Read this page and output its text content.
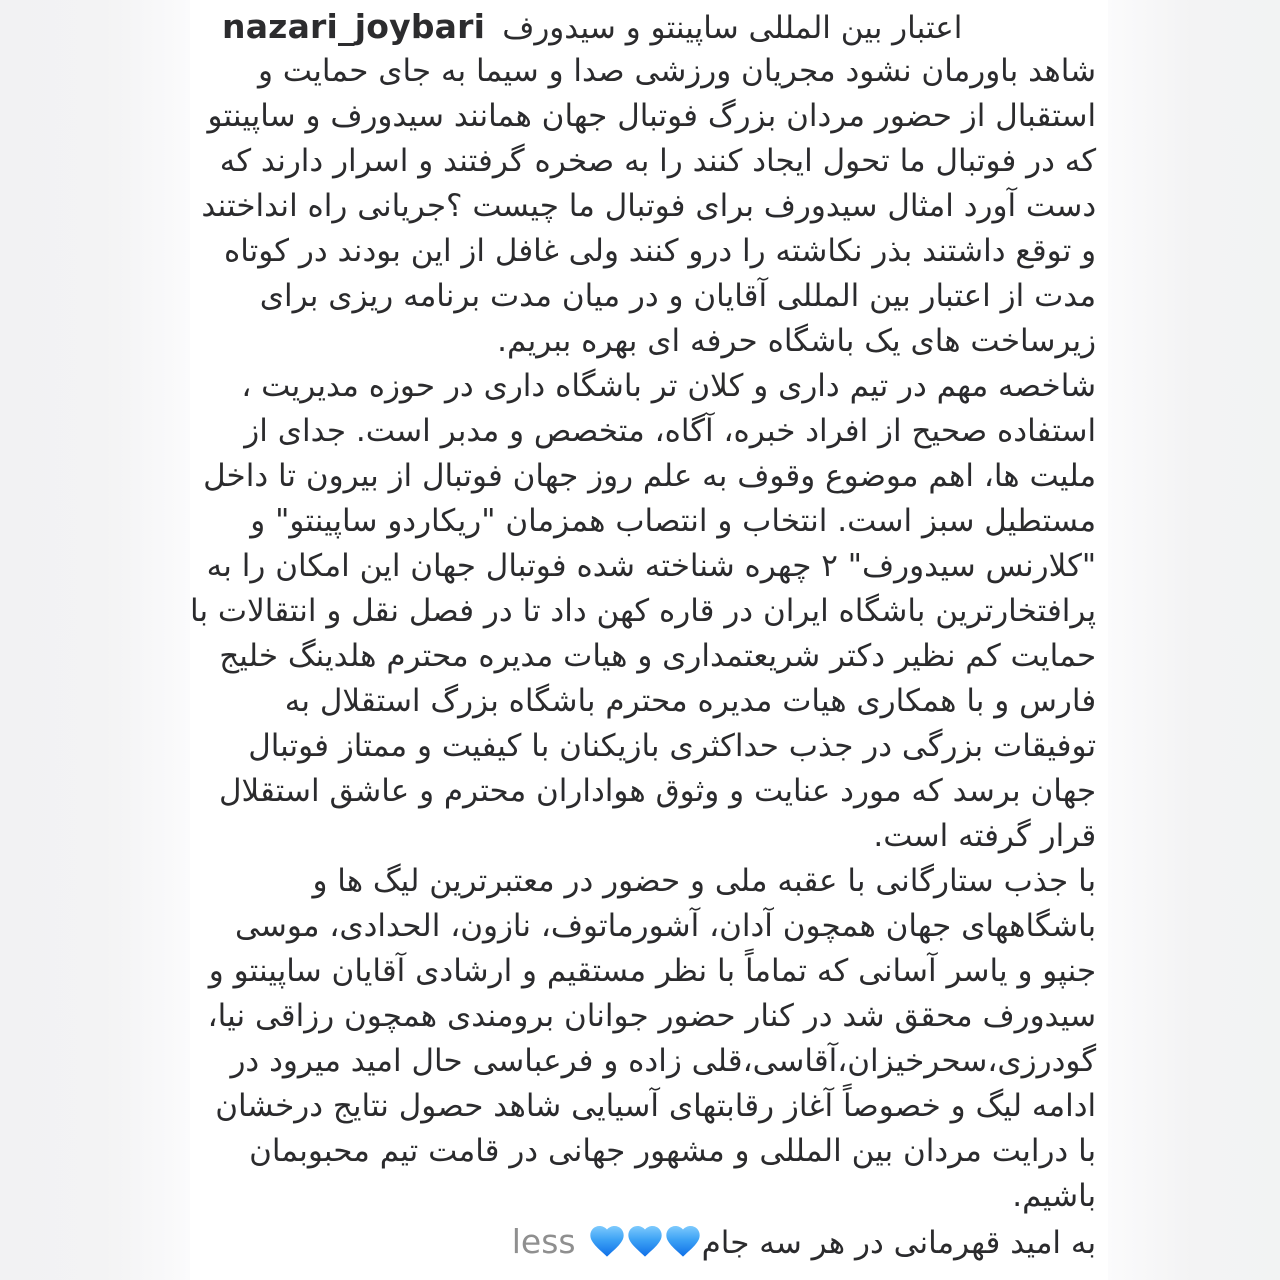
nazari_joybari اعتبار بین المللی ساپینتو و سیدورف
شاهد باورمان نشود مجریان ورزشی صدا و سیما به جای حمایت و
استقبال از حضور مردان بزرگ فوتبال جهان همانند سیدورف و ساپینتو
که در فوتبال ما تحول ایجاد کنند را به صخره گرفتند و اسرار دارند که
دست آورد امثال سیدورف برای فوتبال ما چیست ؟جریانی راه انداختند
و توقع داشتند بذر نکاشته را درو کنند ولی غافل از این بودند در کوتاه
مدت از اعتبار بین المللی آقایان و در میان مدت برنامه ریزی برای
زیرساخت های یک باشگاه حرفه ای بهره ببریم.
شاخصه مهم در تیم داری و کلان تر باشگاه داری در حوزه مدیریت ،
استفاده صحیح از افراد خبره، آگاه، متخصص و مدبر است. جدای از
ملیت ها، اهم موضوع وقوف به علم روز جهان فوتبال از بیرون تا داخل
مستطیل سبز است. انتخاب و انتصاب همزمان "ریکاردو ساپینتو" و
"کلارنس سیدورف" ۲ چهره شناخته شده فوتبال جهان این امکان را به
پرافتخارترین باشگاه ایران در قاره کهن داد تا در فصل نقل و انتقالات با
حمایت کم نظیر دکتر شریعتمداری و هیات مدیره محترم هلدینگ خلیج
فارس و با همکاری هیات مدیره محترم باشگاه بزرگ استقلال به
توفیقات بزرگی در جذب حداکثری بازیکنان با کیفیت و ممتاز فوتبال
جهان برسد که مورد عنایت و وثوق هواداران محترم و عاشق استقلال
قرار گرفته است.
با جذب ستارگانی با عقبه ملی و حضور در معتبرترین لیگ ها و
باشگاههای جهان همچون آدان، آشورماتوف، نازون، الحدادی، موسی
جنپو و یاسر آسانی که تماماً با نظر مستقیم و ارشادی آقایان ساپینتو و
سیدورف محقق شد در کنار حضور جوانان برومندی همچون رزاقی نیا،
گودرزی،سحرخیزان،آقاسی،قلی زاده و فرعباسی حال امید میرود در
ادامه لیگ و خصوصاً آغاز رقابتهای آسیایی شاهد حصول نتایج درخشان
با درایت مردان بین المللی و مشهور جهانی در قامت تیم محبوبمان
باشیم.
به امید قهرمانی در هر سه جامless
